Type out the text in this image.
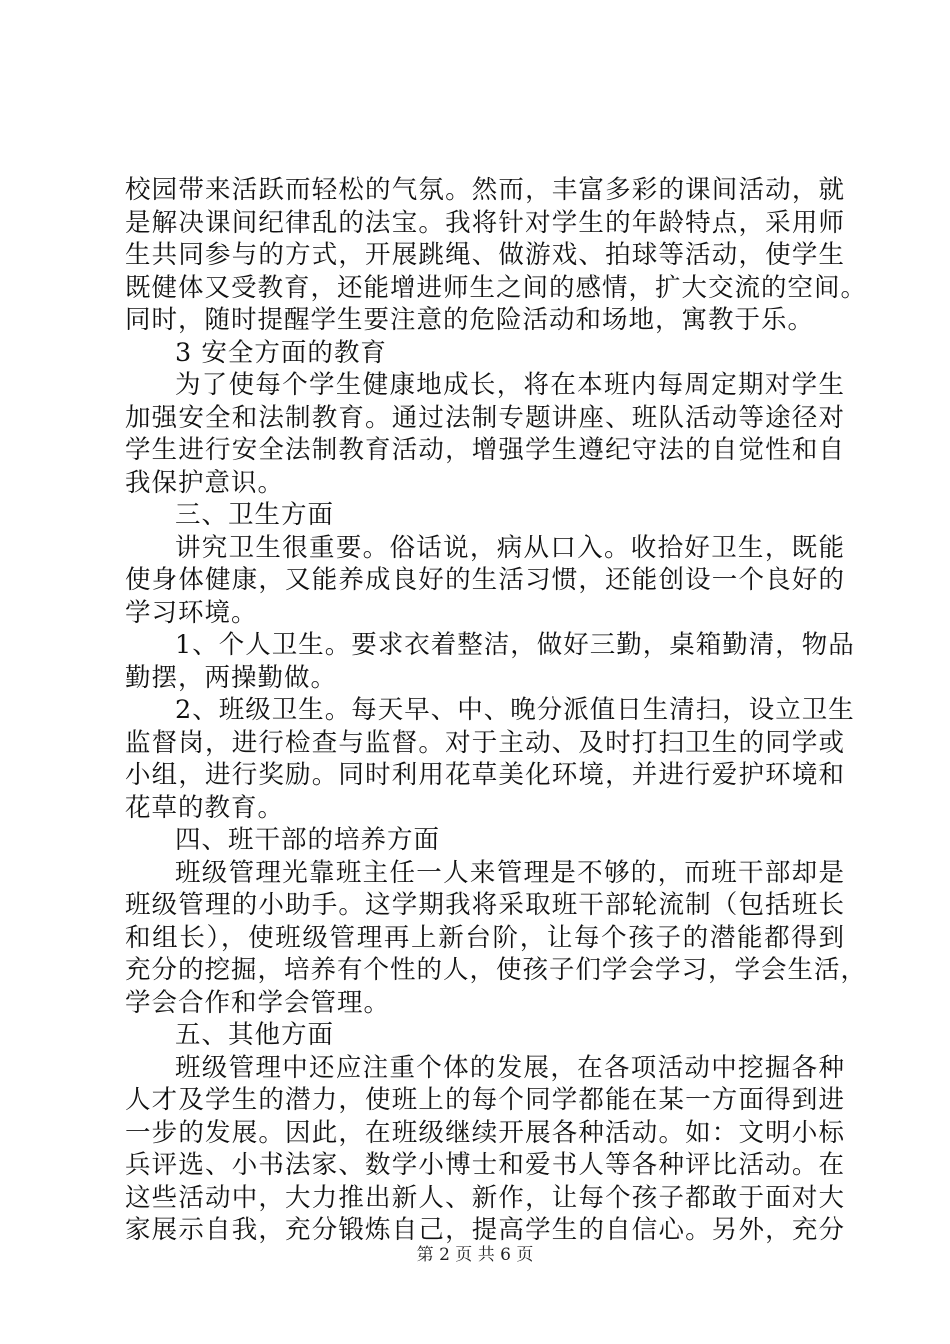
校园带来活跃而轻松的气氛。然而，丰富多彩的课间活动，就
是解决课间纪律乱的法宝。我将针对学生的年龄特点，采用师
生共同参与的方式，开展跳绳、做游戏、拍球等活动，使学生
既健体又受教育，还能增进师生之间的感情，扩大交流的空间。
同时，随时提醒学生要注意的危险活动和场地，寓教于乐。
3 安全方面的教育
为了使每个学生健康地成长，将在本班内每周定期对学生
加强安全和法制教育。通过法制专题讲座、班队活动等途径对
学生进行安全法制教育活动，增强学生遵纪守法的自觉性和自
我保护意识。
三、卫生方面
讲究卫生很重要。俗话说，病从口入。收拾好卫生，既能
使身体健康，又能养成良好的生活习惯，还能创设一个良好的
学习环境。
1、个人卫生。要求衣着整洁，做好三勤，桌箱勤清，物品
勤摆，两操勤做。
2、班级卫生。每天早、中、晚分派值日生清扫，设立卫生
监督岗，进行检查与监督。对于主动、及时打扫卫生的同学或
小组，进行奖励。同时利用花草美化环境，并进行爱护环境和
花草的教育。
四、班干部的培养方面
班级管理光靠班主任一人来管理是不够的，而班干部却是
班级管理的小助手。这学期我将采取班干部轮流制（包括班长
和组长），使班级管理再上新台阶，让每个孩子的潜能都得到
充分的挖掘，培养有个性的人，使孩子们学会学习，学会生活，
学会合作和学会管理。
五、其他方面
班级管理中还应注重个体的发展，在各项活动中挖掘各种
人才及学生的潜力，使班上的每个同学都能在某一方面得到进
一步的发展。因此，在班级继续开展各种活动。如：文明小标
兵评选、小书法家、数学小博士和爱书人等各种评比活动。在
这些活动中，大力推出新人、新作，让每个孩子都敢于面对大
家展示自我，充分锻炼自己，提高学生的自信心。另外，充分
第 2 页 共 6 页
